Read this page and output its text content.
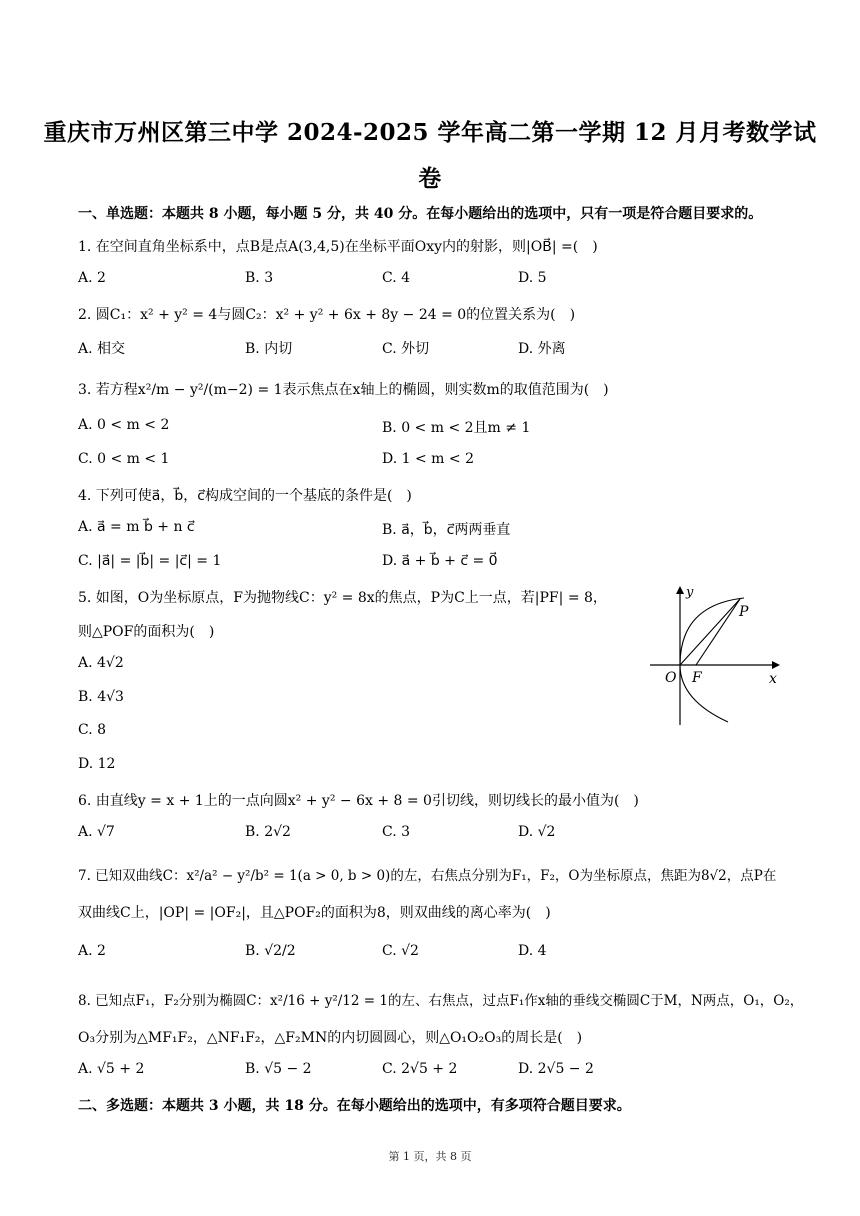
重庆市万州区第三中学 2024-2025 学年高二第一学期 12 月月考数学试
卷
一、单选题：本题共 8 小题，每小题 5 分，共 40 分。在每小题给出的选项中，只有一项是符合题目要求的。
1. 在空间直角坐标系中，点B是点A(3,4,5)在坐标平面Oxy内的射影，则|OB⃗| =(　)
A. 2	B. 3	C. 4	D. 5
2. 圆C₁：x² + y² = 4与圆C₂：x² + y² + 6x + 8y − 24 = 0的位置关系为(　)
A. 相交	B. 内切	C. 外切	D. 外离
3. 若方程x²/m − y²/(m−2) = 1表示焦点在x轴上的椭圆，则实数m的取值范围为(　)
A. 0 < m < 2	B. 0 < m < 2且m ≠ 1
C. 0 < m < 1	D. 1 < m < 2
4. 下列可使a⃗，b⃗，c⃗构成空间的一个基底的条件是(　)
A. a⃗ = m b⃗ + n c⃗	B. a⃗，b⃗，c⃗两两垂直
C. |a⃗| = |b⃗| = |c⃗| = 1	D. a⃗ + b⃗ + c⃗ = 0⃗
5. 如图，O为坐标原点，F为抛物线C：y² = 8x的焦点，P为C上一点，若|PF| = 8，
则△POF的面积为(　)
A. 4√2
B. 4√3
C. 8
D. 12
y
P
O F	x
6. 由直线y = x + 1上的一点向圆x² + y² − 6x + 8 = 0引切线，则切线长的最小值为(　)
A. √7	B. 2√2	C. 3	D. √2
7. 已知双曲线C：x²/a² − y²/b² = 1(a > 0, b > 0)的左，右焦点分别为F₁，F₂，O为坐标原点，焦距为8√2，点P在
双曲线C上，|OP| = |OF₂|，且△POF₂的面积为8，则双曲线的离心率为(　)
A. 2	B. √2/2	C. √2	D. 4
8. 已知点F₁，F₂分别为椭圆C：x²/16 + y²/12 = 1的左、右焦点，过点F₁作x轴的垂线交椭圆C于M，N两点，O₁，O₂，
O₃分别为△MF₁F₂，△NF₁F₂，△F₂MN的内切圆圆心，则△O₁O₂O₃的周长是(　)
A. √5 + 2	B. √5 − 2	C. 2√5 + 2	D. 2√5 − 2
二、多选题：本题共 3 小题，共 18 分。在每小题给出的选项中，有多项符合题目要求。
第 1 页，共 8 页
